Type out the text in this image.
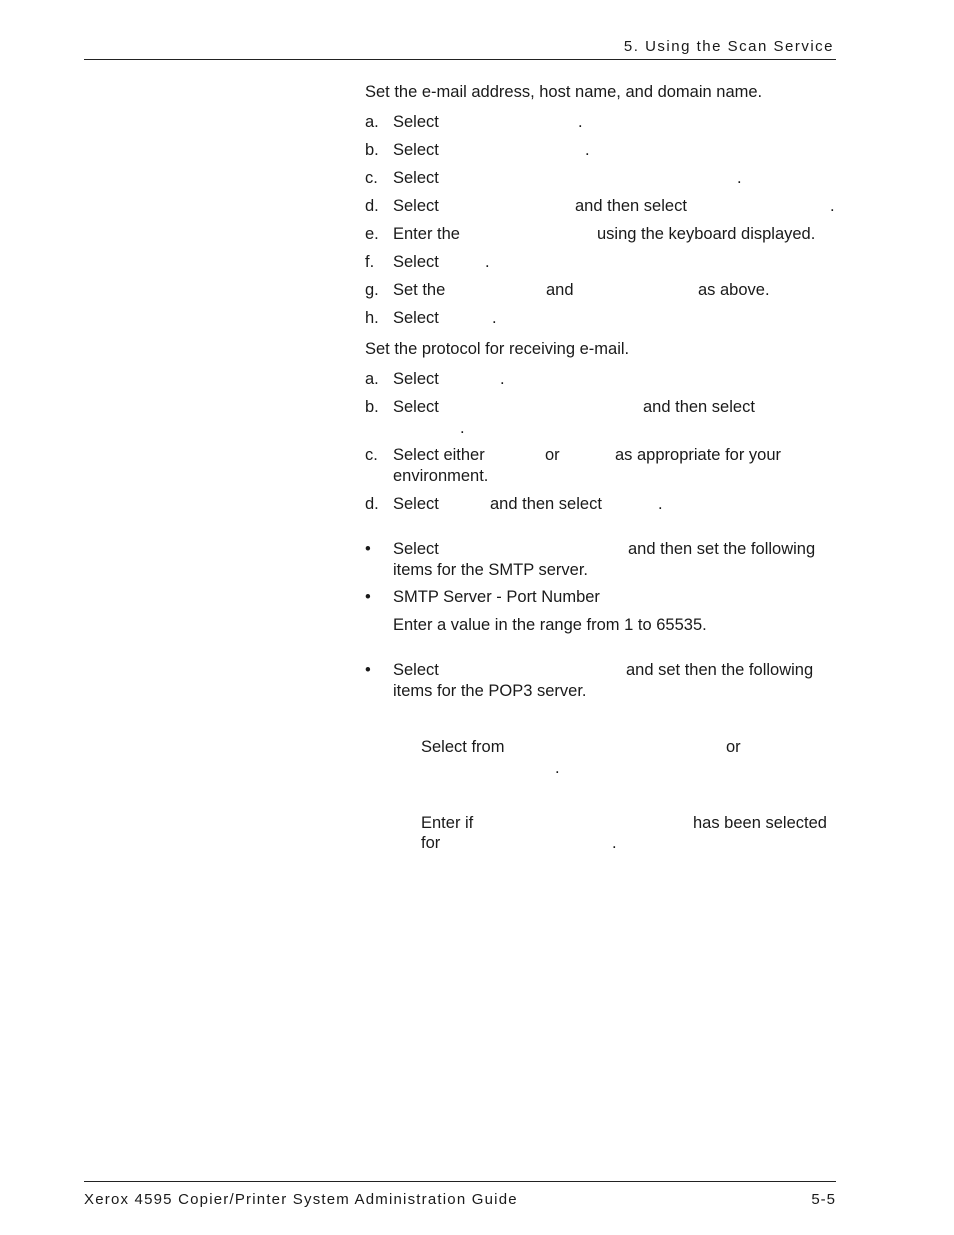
5. Using the Scan Service
Set the e-mail address, host name, and domain name.
a. Select	.
b. Select	.
c. Select	.
d. Select	and then select	.
e. Enter the	using the keyboard displayed.
f. Select	.
g. Set the	and	as above.
h. Select	.
Set the protocol for receiving e-mail.
a. Select	.
b. Select	and then select
.
c. Select either	or	as appropriate for your
environment.
d. Select	and then select	.
• Select	and then set the following
items for the SMTP server.
• SMTP Server - Port Number
Enter a value in the range from 1 to 65535.
• Select	and set then the following
items for the POP3 server.
Select from	or
.
Enter if	has been selected
for	.
Xerox 4595 Copier/Printer System Administration Guide	5-5
